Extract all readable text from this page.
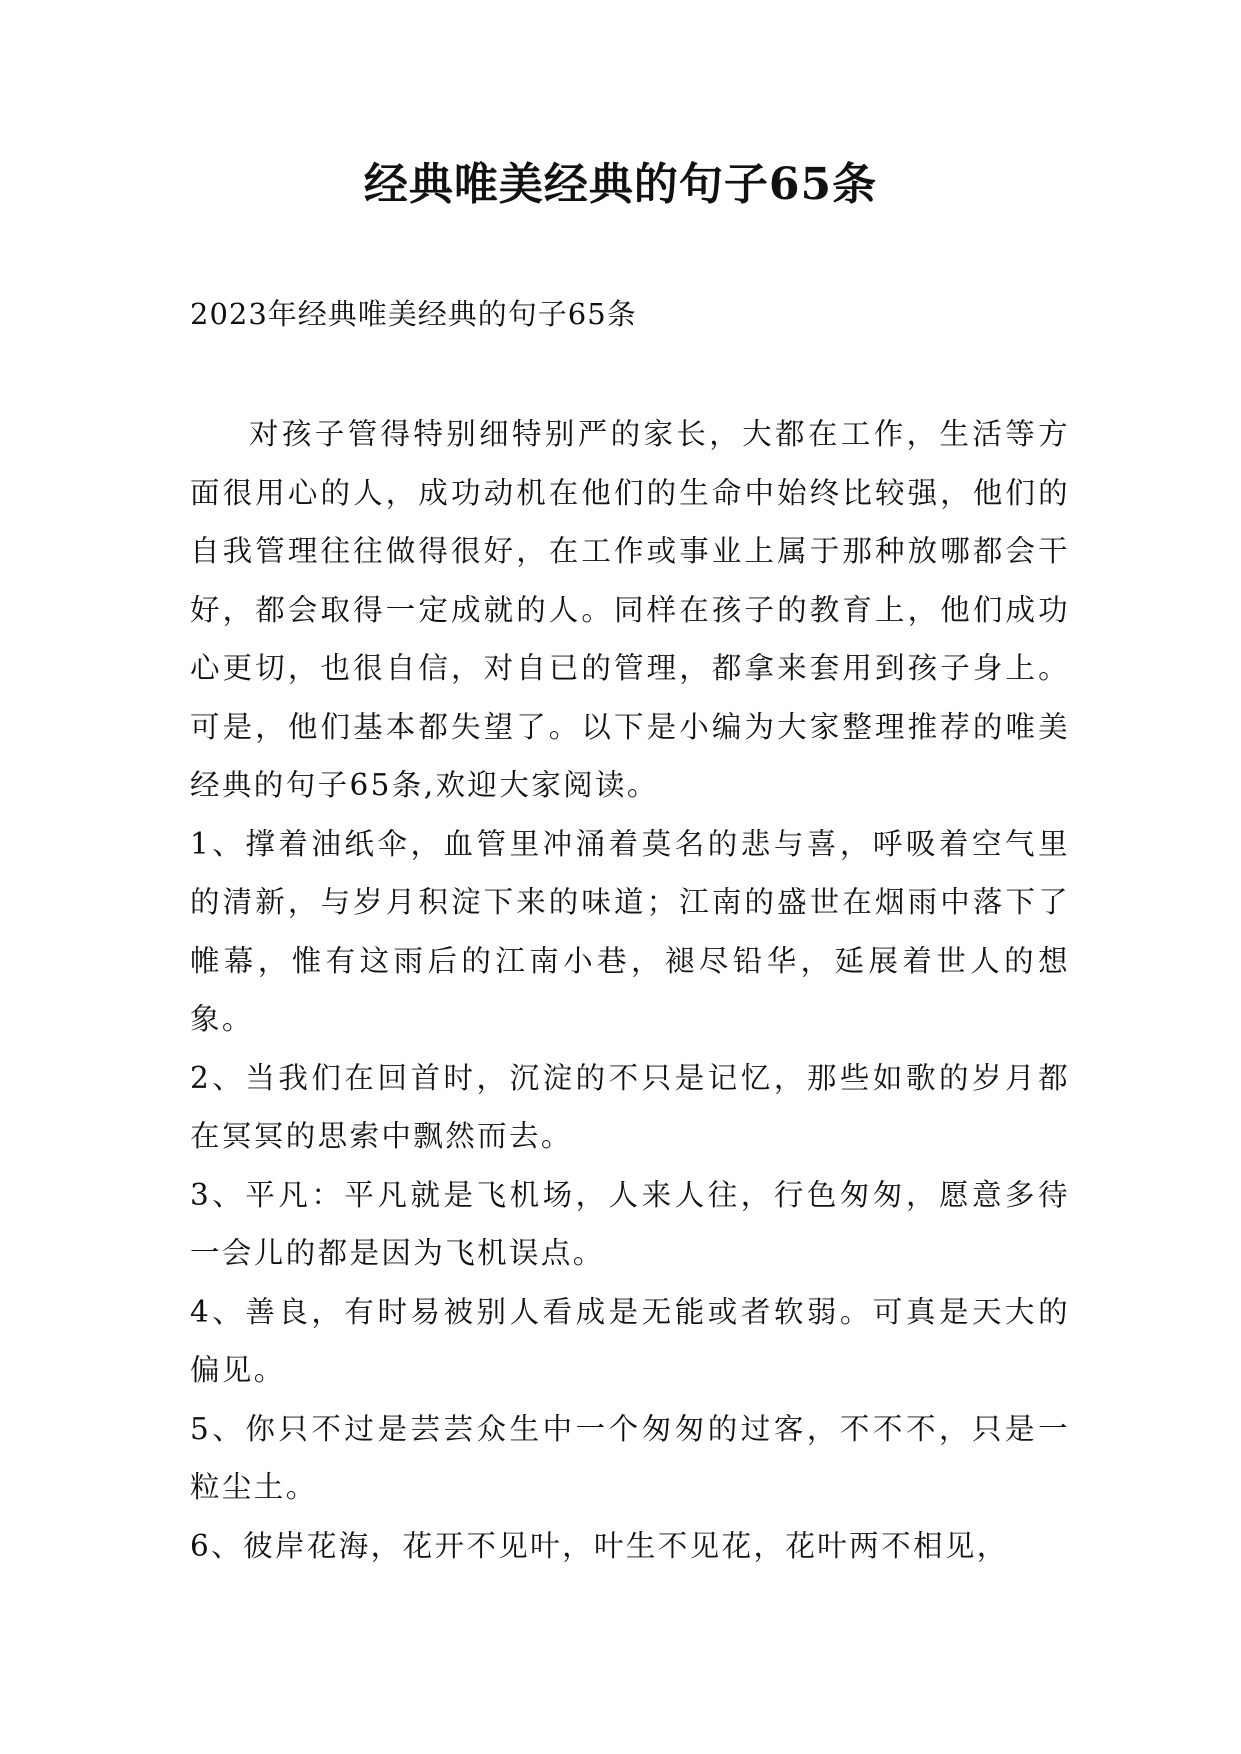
经典唯美经典的句子65条
2023年经典唯美经典的句子65条

对孩子管得特别细特别严的家长，大都在工作，生活等方面很用心的人，成功动机在他们的生命中始终比较强，他们的自我管理往往做得很好，在工作或事业上属于那种放哪都会干好，都会取得一定成就的人。同样在孩子的教育上，他们成功心更切，也很自信，对自已的管理，都拿来套用到孩子身上。可是，他们基本都失望了。以下是小编为大家整理推荐的唯美经典的句子65条,欢迎大家阅读。

1、撑着油纸伞，血管里冲涌着莫名的悲与喜，呼吸着空气里的清新，与岁月积淀下来的味道；江南的盛世在烟雨中落下了帷幕，惟有这雨后的江南小巷，褪尽铅华，延展着世人的想象。

2、当我们在回首时，沉淀的不只是记忆，那些如歌的岁月都在冥冥的思索中飘然而去。

3、平凡：平凡就是飞机场，人来人往，行色匆匆，愿意多待一会儿的都是因为飞机误点。

4、善良，有时易被别人看成是无能或者软弱。可真是天大的偏见。

5、你只不过是芸芸众生中一个匆匆的过客，不不不，只是一粒尘土。

6、彼岸花海，花开不见叶，叶生不见花，花叶两不相见，
